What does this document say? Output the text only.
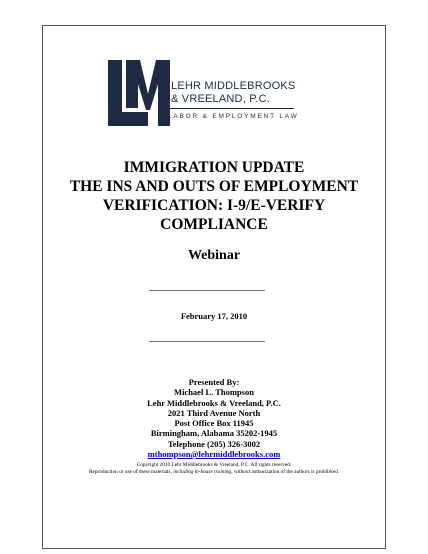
LEHR MIDDLEBROOKS
& VREELAND, P.C.
LABOR & EMPLOYMENT LAW
IMMIGRATION UPDATE
THE INS AND OUTS OF EMPLOYMENT
VERIFICATION: I-9/E-VERIFY
COMPLIANCE
Webinar
February 17, 2010
Presented By:
Michael L. Thompson
Lehr Middlebrooks & Vreeland, P.C.
2021 Third Avenue North
Post Office Box 11945
Birmingham, Alabama 35202-1945
Telephone (205) 326-3002
mthompson@lehrmiddlebrooks.com
Copyright 2010 Lehr Middlebrooks & Vreeland, P.C. All rights reserved.
Reproduction or use of these materials, including in-house training, without authorization of the authors is prohibited.
